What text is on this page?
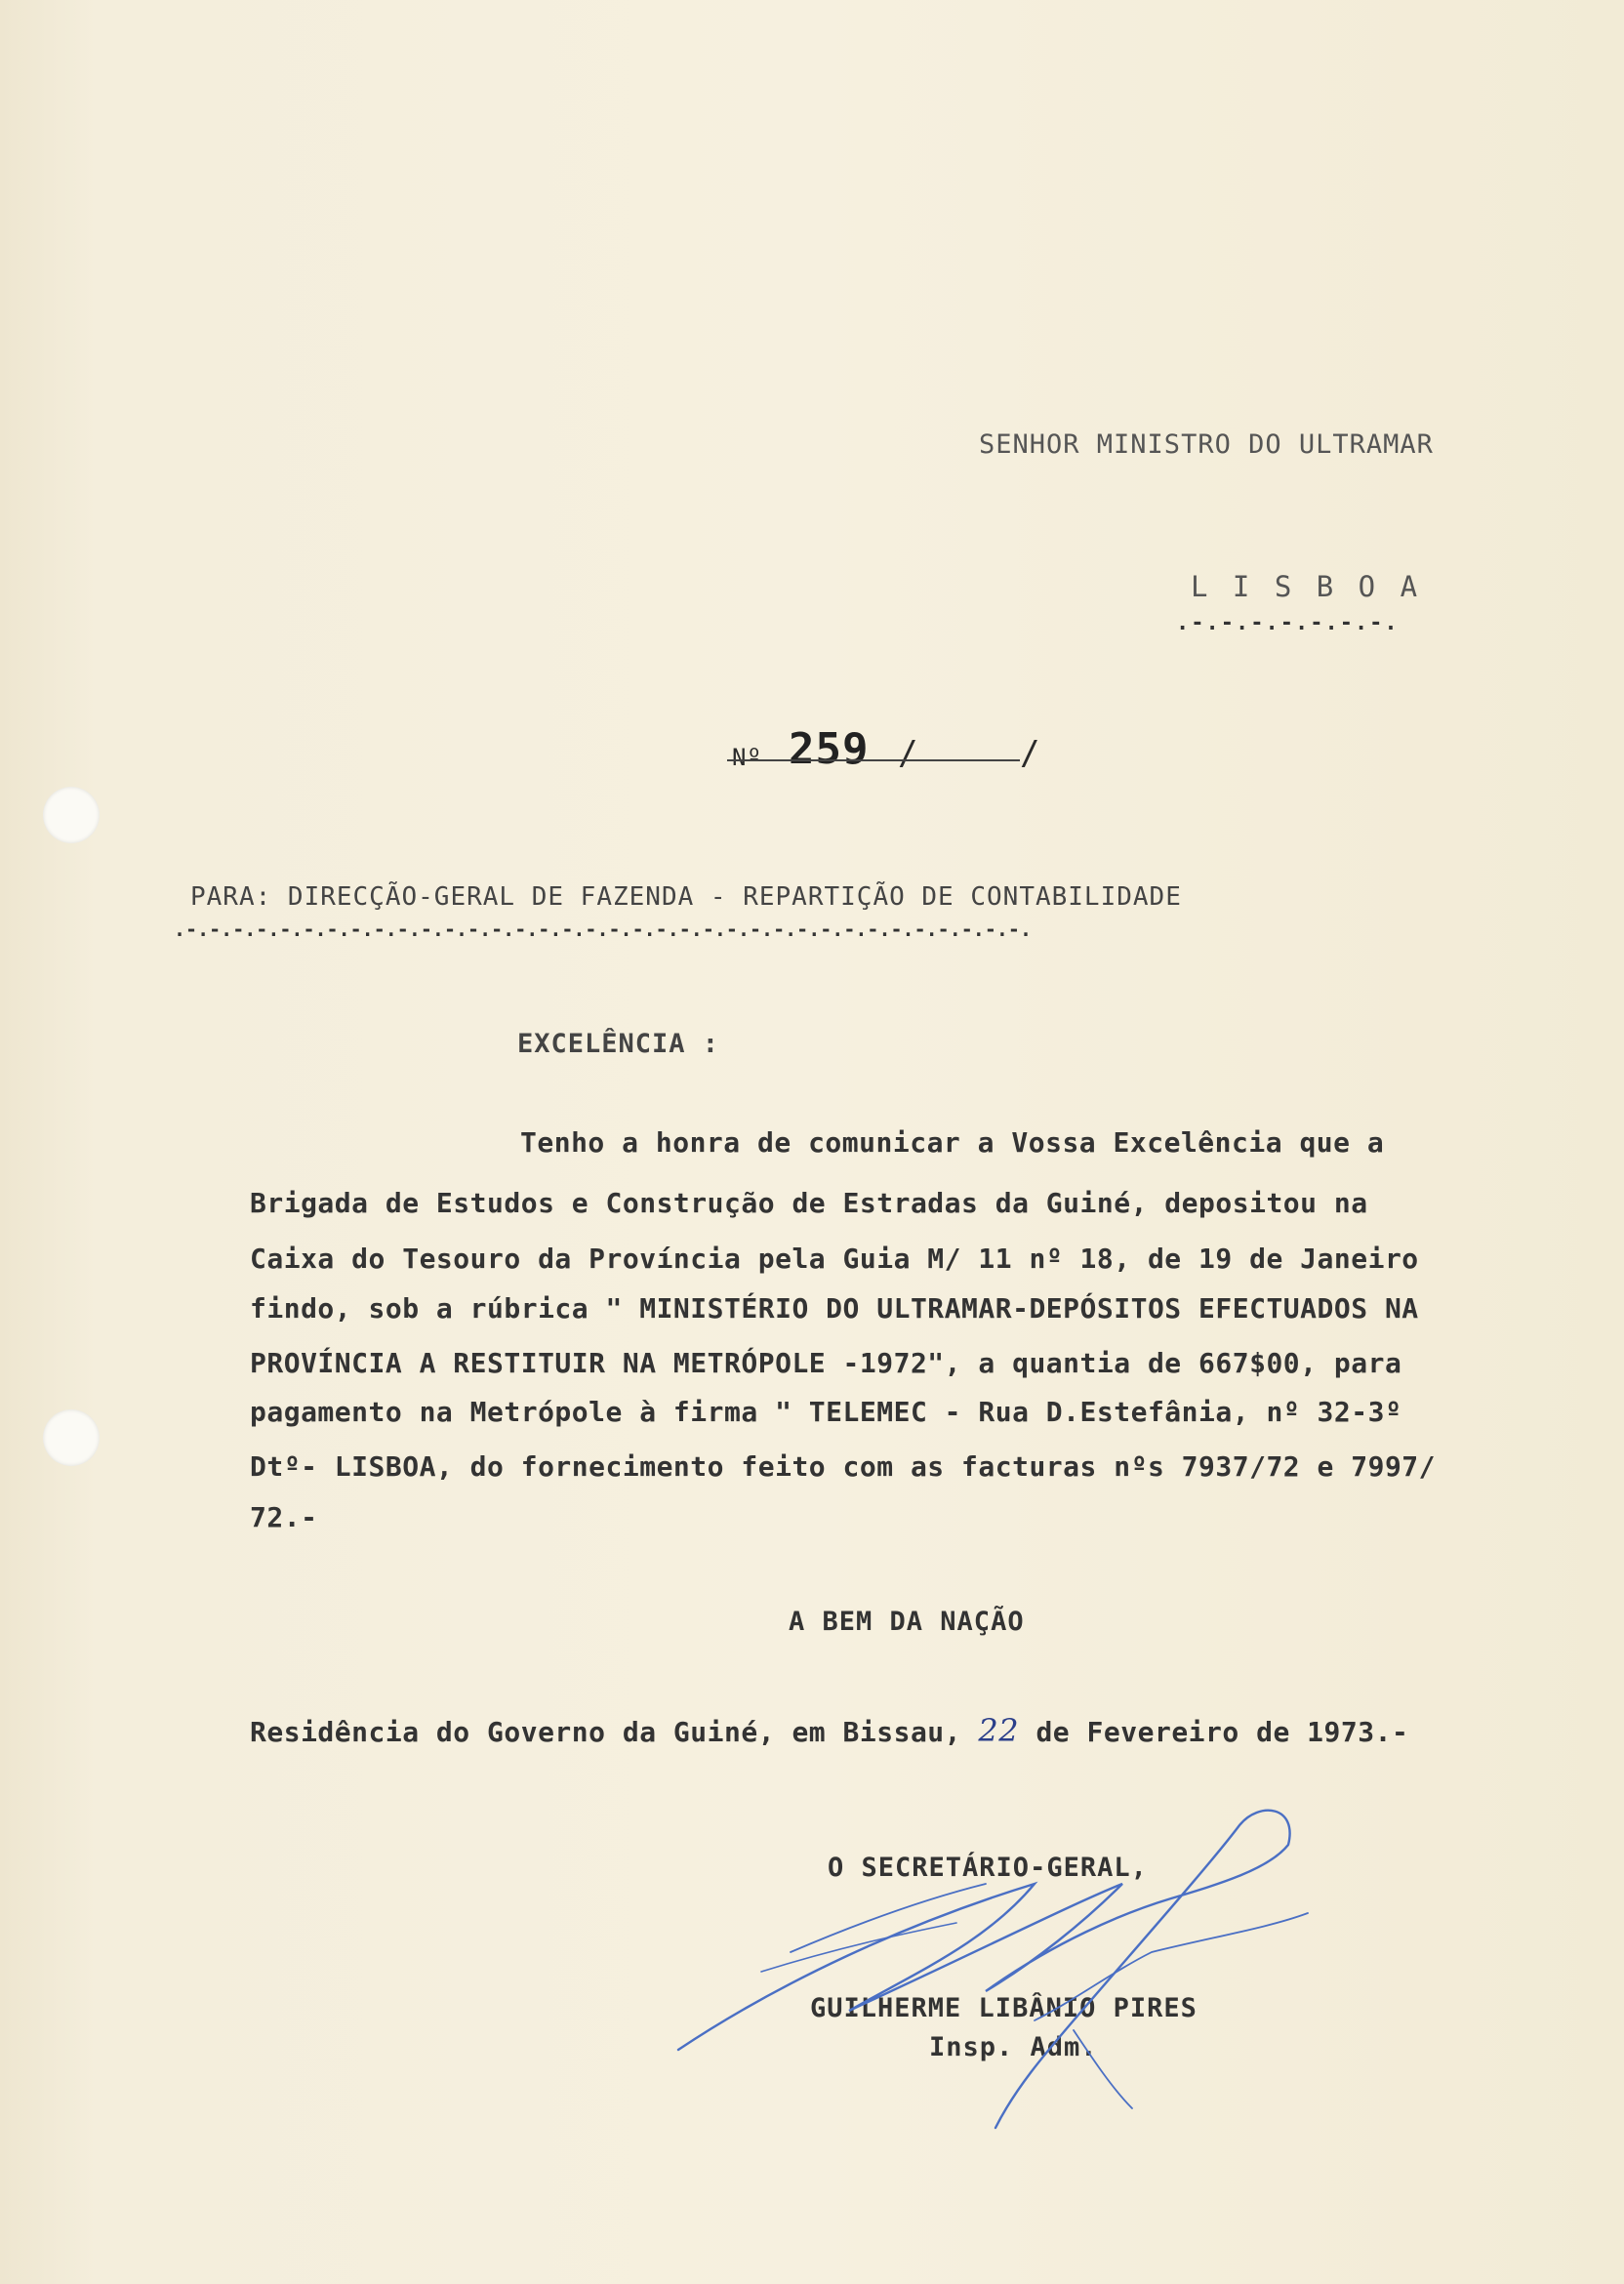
SENHOR MINISTRO DO ULTRAMAR
L I S B O A
.-.-.-.-.-.-.-.
Nº 259 /	/
PARA: DIRECÇÃO-GERAL DE FAZENDA - REPARTIÇÃO DE CONTABILIDADE
.-.-.-.-.-.-.-.-.-.-.-.-.-.-.-.-.-.-.-.-.-.-.-.-.-.-.-.-.-.-.-.-.-.-.-.-.
EXCELÊNCIA :
Tenho a honra de comunicar a Vossa Excelência que a
Brigada de Estudos e Construção de Estradas da Guiné, depositou na
Caixa do Tesouro da Província pela Guia M/ 11 nº 18, de 19 de Janeiro
findo, sob a rúbrica " MINISTÉRIO DO ULTRAMAR-DEPÓSITOS EFECTUADOS NA
PROVÍNCIA A RESTITUIR NA METRÓPOLE -1972", a quantia de 667$00, para
pagamento na Metrópole à firma " TELEMEC - Rua D.Estefânia, nº 32-3º
Dtº- LISBOA, do fornecimento feito com as facturas nºs 7937/72 e 7997/
72.-
A BEM DA NAÇÃO
Residência do Governo da Guiné, em Bissau, 22 de Fevereiro de 1973.-
O SECRETÁRIO-GERAL,
GUILHERME LIBÂNIO PIRES
Insp. Adm.
